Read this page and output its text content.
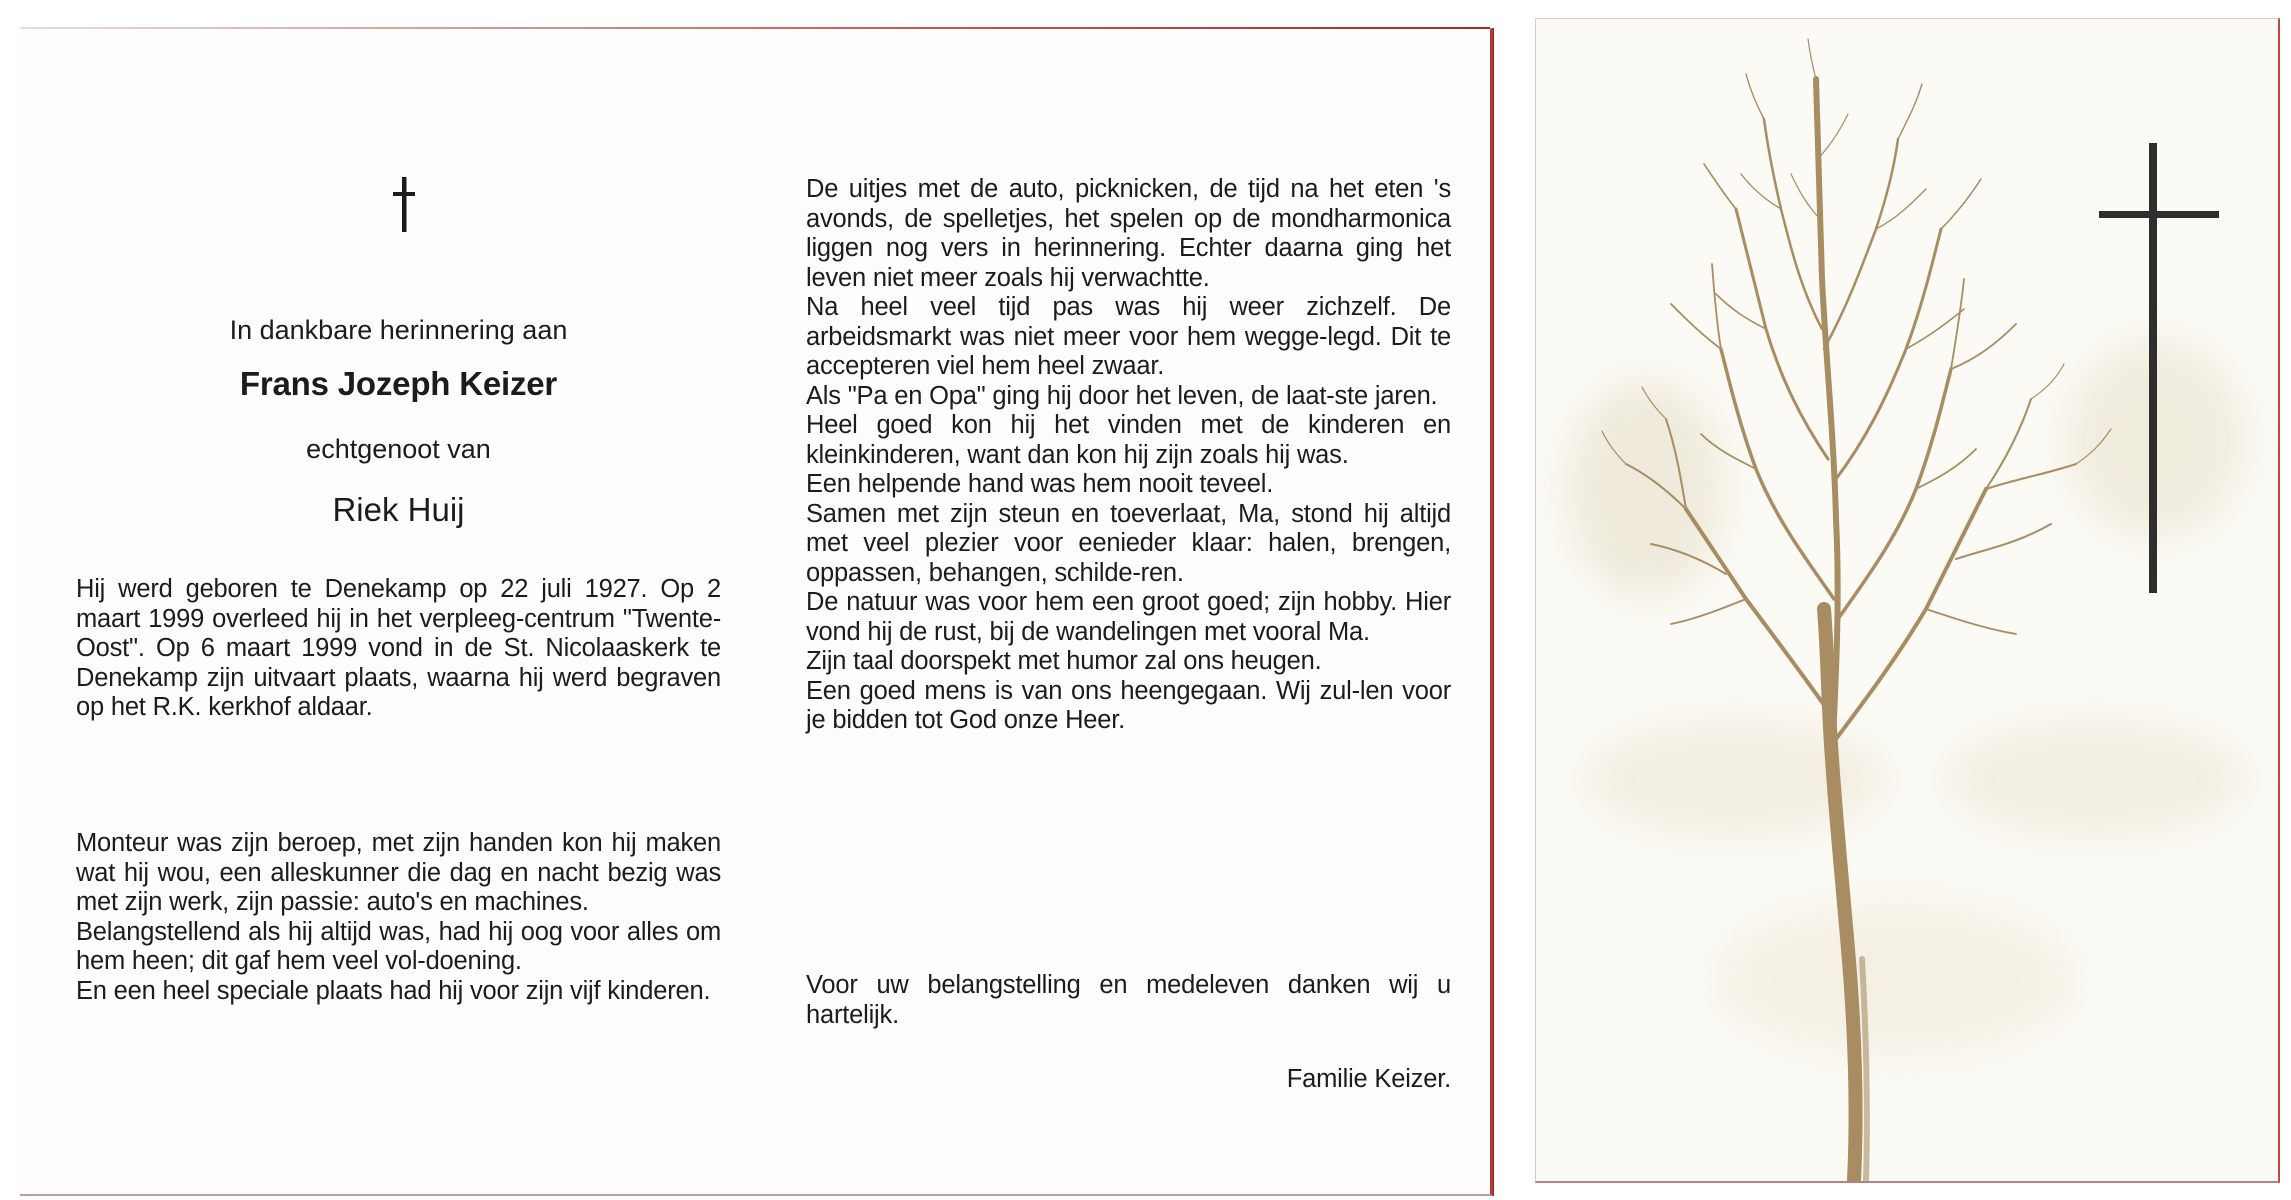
In dankbare herinnering aan
Frans Jozeph Keizer
echtgenoot van
Riek Huij

Hij werd geboren te Denekamp op 22 juli 1927. Op 2 maart 1999 overleed hij in het verpleeg-centrum "Twente-Oost". Op 6 maart 1999 vond in de St. Nicolaaskerk te Denekamp zijn uitvaart plaats, waarna hij werd begraven op het R.K. kerkhof aldaar.

Monteur was zijn beroep, met zijn handen kon hij maken wat hij wou, een alleskunner die dag en nacht bezig was met zijn werk, zijn passie: auto's en machines.

Belangstellend als hij altijd was, had hij oog voor alles om hem heen; dit gaf hem veel vol-doening.

En een heel speciale plaats had hij voor zijn vijf kinderen.

De uitjes met de auto, picknicken, de tijd na het eten 's avonds, de spelletjes, het spelen op de mondharmonica liggen nog vers in herinnering. Echter daarna ging het leven niet meer zoals hij verwachtte.

Na heel veel tijd pas was hij weer zichzelf. De arbeidsmarkt was niet meer voor hem wegge-legd. Dit te accepteren viel hem heel zwaar.

Als "Pa en Opa" ging hij door het leven, de laat-ste jaren.

Heel goed kon hij het vinden met de kinderen en kleinkinderen, want dan kon hij zijn zoals hij was.

Een helpende hand was hem nooit teveel.

Samen met zijn steun en toeverlaat, Ma, stond hij altijd met veel plezier voor eenieder klaar: halen, brengen, oppassen, behangen, schilde-ren.

De natuur was voor hem een groot goed; zijn hobby. Hier vond hij de rust, bij de wandelingen met vooral Ma.

Zijn taal doorspekt met humor zal ons heugen.

Een goed mens is van ons heengegaan. Wij zul-len voor je bidden tot God onze Heer.

Voor uw belangstelling en medeleven danken wij u hartelijk.

Familie Keizer.
